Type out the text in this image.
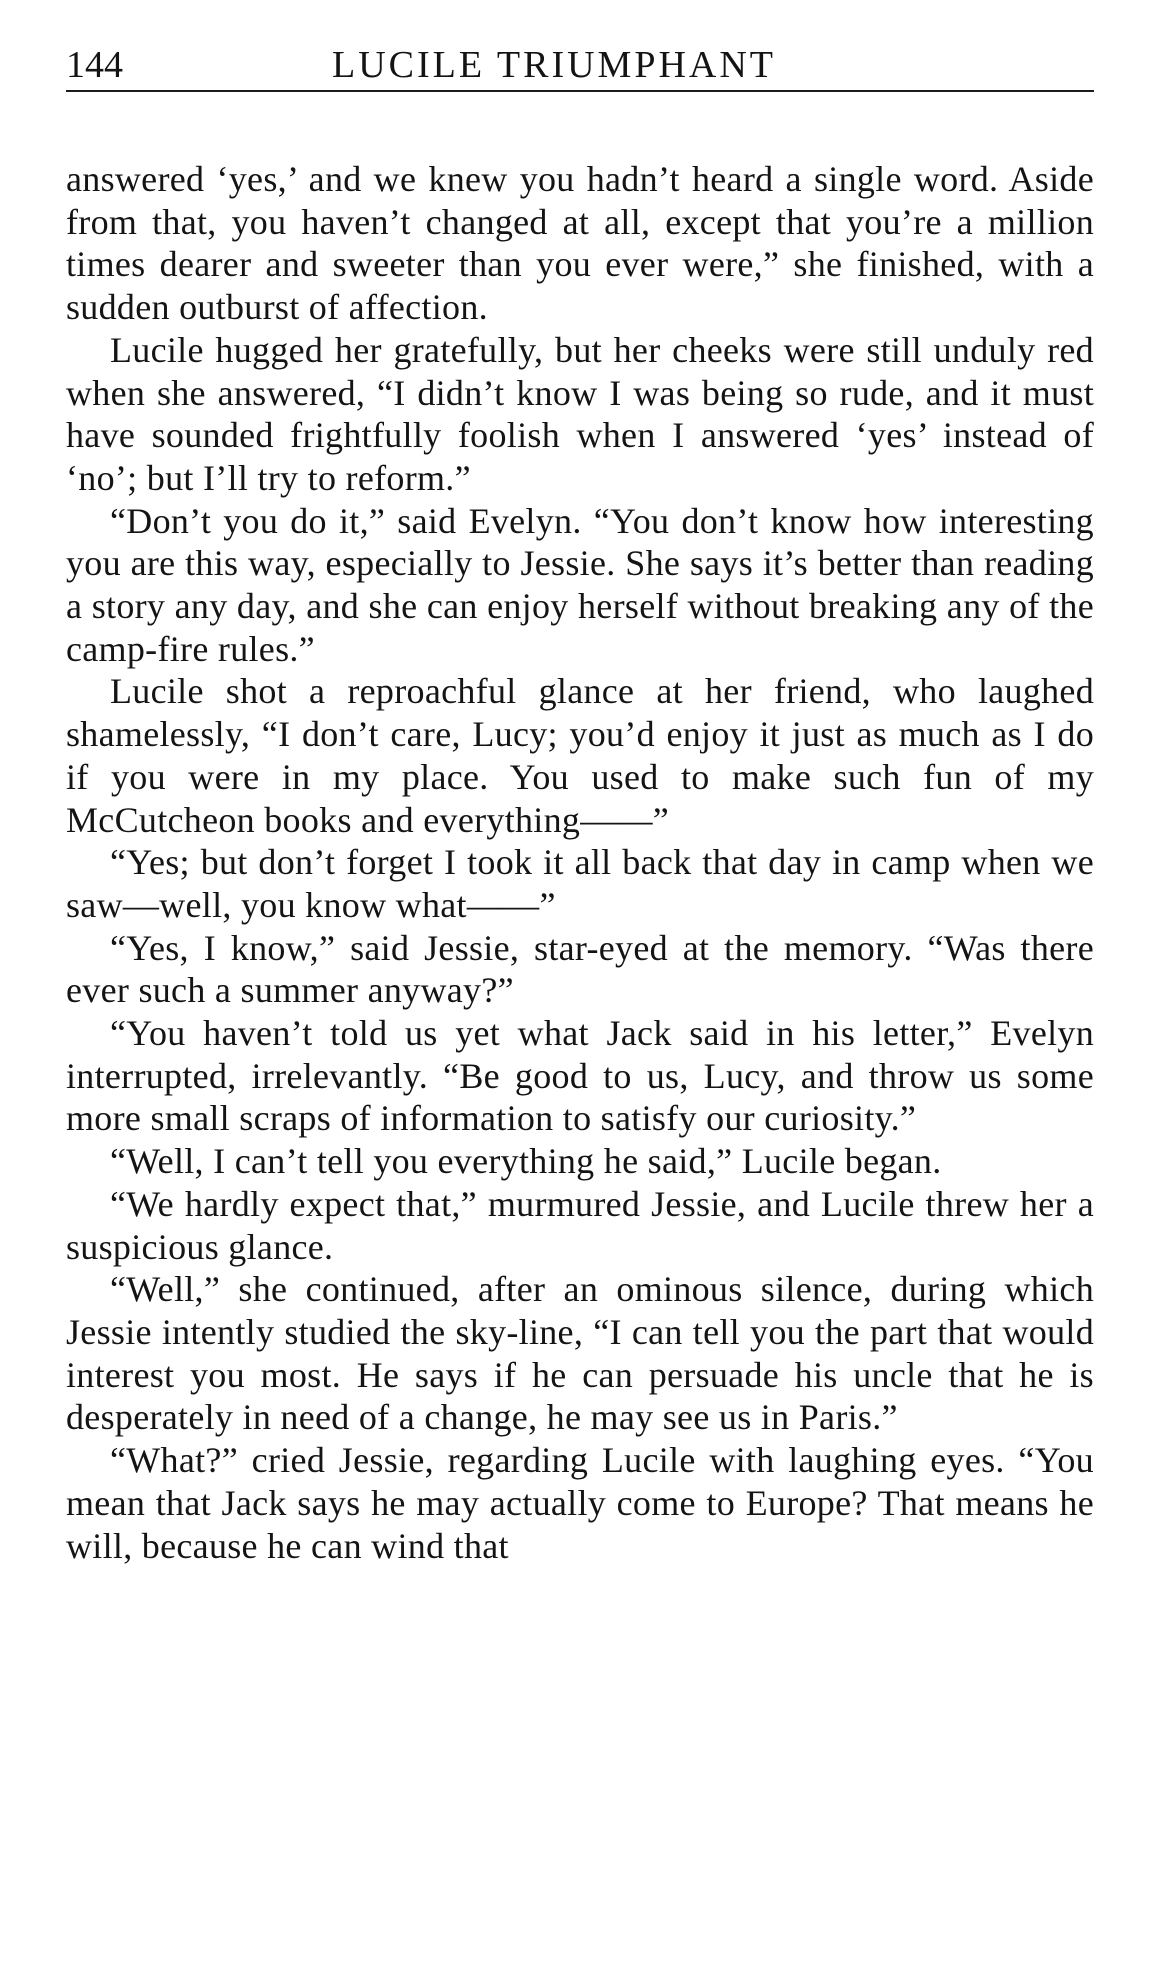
144	LUCILE TRIUMPHANT

answered ‘yes,’ and we knew you hadn’t heard a single word. Aside from that, you haven’t changed at all, except that you’re a million times dearer and sweeter than you ever were,” she finished, with a sudden outburst of affection.

Lucile hugged her gratefully, but her cheeks were still unduly red when she answered, “I didn’t know I was being so rude, and it must have sounded frightfully foolish when I answered ‘yes’ instead of ‘no’; but I’ll try to reform.”

“Don’t you do it,” said Evelyn. “You don’t know how interesting you are this way, especially to Jessie. She says it’s better than reading a story any day, and she can enjoy herself without breaking any of the camp-fire rules.”

Lucile shot a reproachful glance at her friend, who laughed shamelessly, “I don’t care, Lucy; you’d enjoy it just as much as I do if you were in my place. You used to make such fun of my McCutcheon books and everything——”

“Yes; but don’t forget I took it all back that day in camp when we saw—well, you know what——”

“Yes, I know,” said Jessie, star-eyed at the memory. “Was there ever such a summer anyway?”

“You haven’t told us yet what Jack said in his letter,” Evelyn interrupted, irrelevantly. “Be good to us, Lucy, and throw us some more small scraps of information to satisfy our curiosity.”

“Well, I can’t tell you everything he said,” Lucile began.

“We hardly expect that,” murmured Jessie, and Lucile threw her a suspicious glance.

“Well,” she continued, after an ominous silence, during which Jessie intently studied the sky-line, “I can tell you the part that would interest you most. He says if he can persuade his uncle that he is desperately in need of a change, he may see us in Paris.”

“What?” cried Jessie, regarding Lucile with laughing eyes. “You mean that Jack says he may actually come to Europe? That means he will, because he can wind that
